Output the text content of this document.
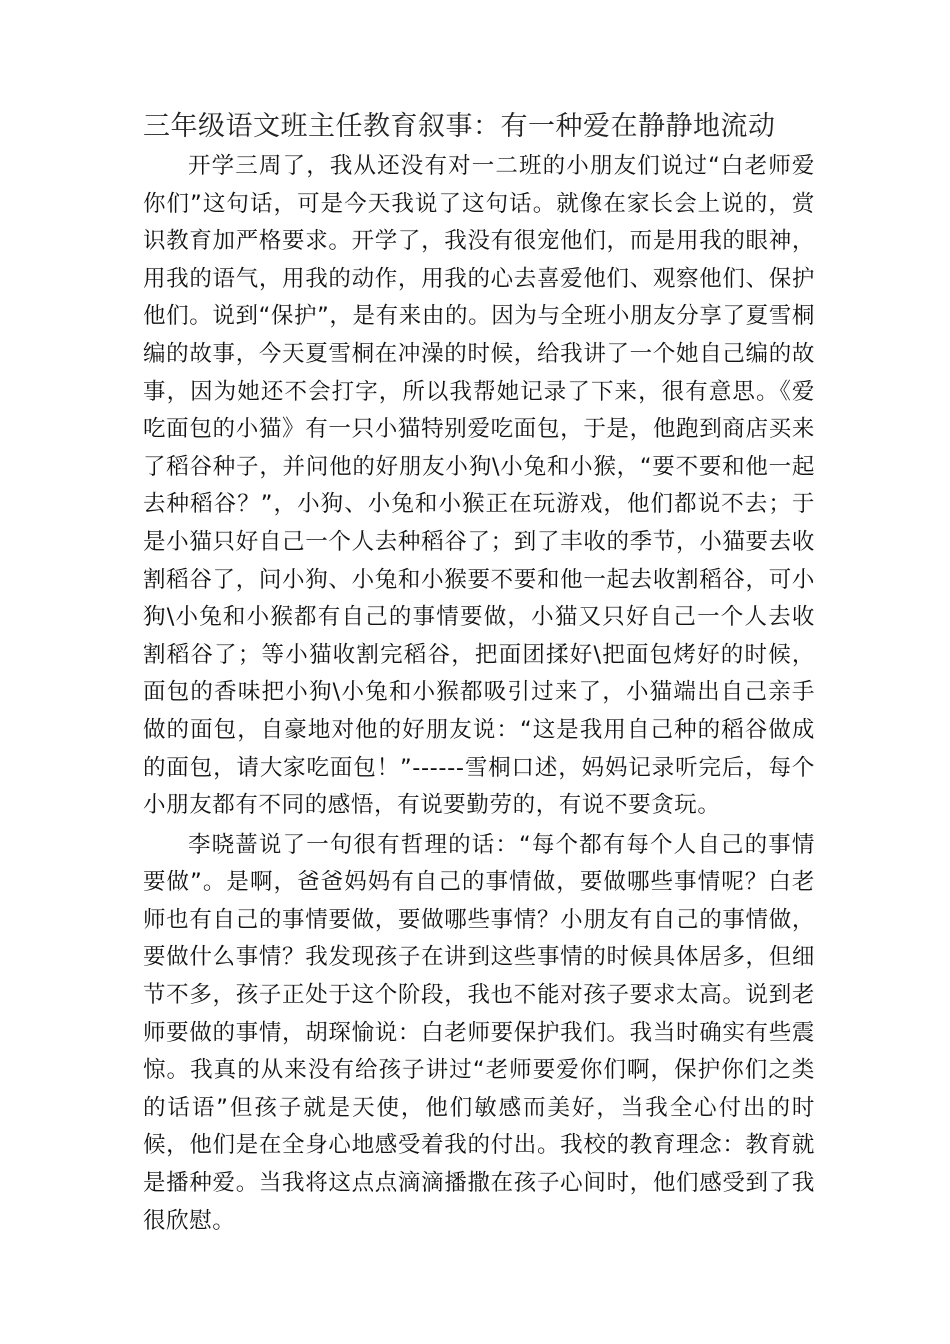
三年级语文班主任教育叙事：有一种爱在静静地流动

开学三周了，我从还没有对一二班的小朋友们说过“白老师爱你们”这句话，可是今天我说了这句话。就像在家长会上说的，赏识教育加严格要求。开学了，我没有很宠他们，而是用我的眼神，用我的语气，用我的动作，用我的心去喜爱他们、观察他们、保护他们。说到“保护”，是有来由的。因为与全班小朋友分享了夏雪桐编的故事，今天夏雪桐在冲澡的时候，给我讲了一个她自己编的故事，因为她还不会打字，所以我帮她记录了下来，很有意思。《爱吃面包的小猫》有一只小猫特别爱吃面包，于是，他跑到商店买来了稻谷种子，并问他的好朋友小狗\小兔和小猴，“要不要和他一起去种稻谷？”，小狗、小兔和小猴正在玩游戏，他们都说不去；于是小猫只好自己一个人去种稻谷了；到了丰收的季节，小猫要去收割稻谷了，问小狗、小兔和小猴要不要和他一起去收割稻谷，可小狗\小兔和小猴都有自己的事情要做，小猫又只好自己一个人去收割稻谷了；等小猫收割完稻谷，把面团揉好\把面包烤好的时候，面包的香味把小狗\小兔和小猴都吸引过来了，小猫端出自己亲手做的面包，自豪地对他的好朋友说：“这是我用自己种的稻谷做成的面包，请大家吃面包！”------雪桐口述，妈妈记录听完后，每个小朋友都有不同的感悟，有说要勤劳的，有说不要贪玩。

李晓蔷说了一句很有哲理的话：“每个都有每个人自己的事情要做”。是啊，爸爸妈妈有自己的事情做，要做哪些事情呢？白老师也有自己的事情要做，要做哪些事情？小朋友有自己的事情做，要做什么事情？我发现孩子在讲到这些事情的时候具体居多，但细节不多，孩子正处于这个阶段，我也不能对孩子要求太高。说到老师要做的事情，胡琛愉说：白老师要保护我们。我当时确实有些震惊。我真的从来没有给孩子讲过“老师要爱你们啊，保护你们之类的话语”但孩子就是天使，他们敏感而美好，当我全心付出的时候，他们是在全身心地感受着我的付出。我校的教育理念：教育就是播种爱。当我将这点点滴滴播撒在孩子心间时，他们感受到了我很欣慰。
